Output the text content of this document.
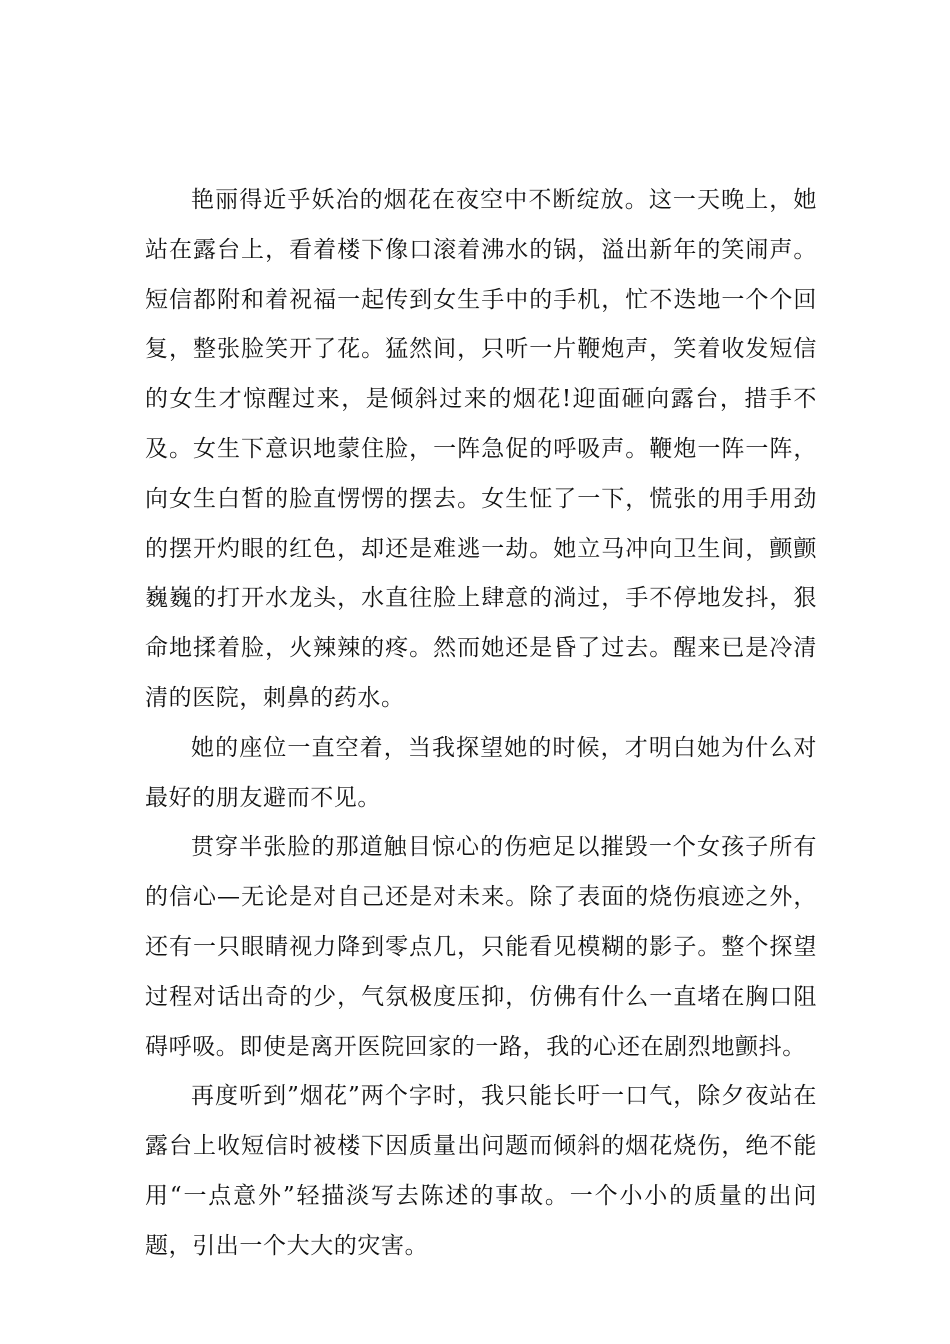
艳丽得近乎妖冶的烟花在夜空中不断绽放。这一天晚上，她站在露台上，看着楼下像口滚着沸水的锅，溢出新年的笑闹声。短信都附和着祝福一起传到女生手中的手机，忙不迭地一个个回复，整张脸笑开了花。猛然间，只听一片鞭炮声，笑着收发短信的女生才惊醒过来，是倾斜过来的烟花!迎面砸向露台，措手不及。女生下意识地蒙住脸，一阵急促的呼吸声。鞭炮一阵一阵，向女生白皙的脸直愣愣的摆去。女生怔了一下，慌张的用手用劲的摆开灼眼的红色，却还是难逃一劫。她立马冲向卫生间，颤颤巍巍的打开水龙头，水直往脸上肆意的淌过，手不停地发抖，狠命地揉着脸，火辣辣的疼。然而她还是昏了过去。醒来已是冷清清的医院，刺鼻的药水。

她的座位一直空着，当我探望她的时候，才明白她为什么对最好的朋友避而不见。

贯穿半张脸的那道触目惊心的伤疤足以摧毁一个女孩子所有的信心—无论是对自己还是对未来。除了表面的烧伤痕迹之外，还有一只眼睛视力降到零点几，只能看见模糊的影子。整个探望过程对话出奇的少，气氛极度压抑，仿佛有什么一直堵在胸口阻碍呼吸。即使是离开医院回家的一路，我的心还在剧烈地颤抖。

再度听到”烟花”两个字时，我只能长吁一口气，除夕夜站在露台上收短信时被楼下因质量出问题而倾斜的烟花烧伤，绝不能用“一点意外”轻描淡写去陈述的事故。一个小小的质量的出问题，引出一个大大的灾害。
